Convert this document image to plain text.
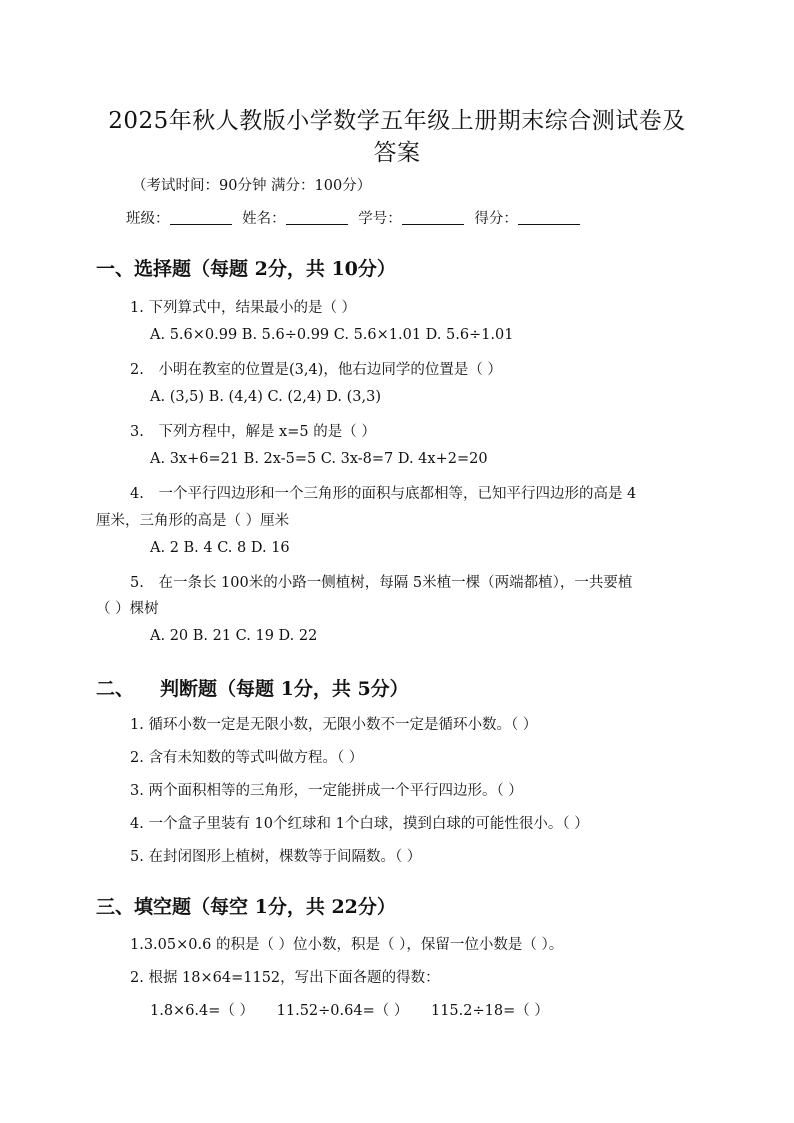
2025年秋人教版小学数学五年级上册期末综合测试卷及
答案
（考试时间：90分钟 满分：100分）
班级：	姓名：	学号：	得分：
一、选择题（每题 2分，共 10分）
1. 下列算式中，结果最小的是（ ）
A. 5.6×0.99 B. 5.6÷0.99 C. 5.6×1.01 D. 5.6÷1.01
2. 小明在教室的位置是(3,4)，他右边同学的位置是（ ）
A. (3,5) B. (4,4) C. (2,4) D. (3,3)
3. 下列方程中，解是 x=5 的是（ ）
A. 3x+6=21 B. 2x-5=5 C. 3x-8=7 D. 4x+2=20
4. 一个平行四边形和一个三角形的面积与底都相等，已知平行四边形的高是 4
厘米，三角形的高是（ ）厘米
A. 2 B. 4 C. 8 D. 16
5. 在一条长 100米的小路一侧植树，每隔 5米植一棵（两端都植），一共要植
（ ）棵树
A. 20 B. 21 C. 19 D. 22
二、 判断题（每题 1分，共 5分）
1. 循环小数一定是无限小数，无限小数不一定是循环小数。（ ）
2. 含有未知数的等式叫做方程。（ ）
3. 两个面积相等的三角形，一定能拼成一个平行四边形。（ ）
4. 一个盒子里装有 10个红球和 1个白球，摸到白球的可能性很小。（ ）
5. 在封闭图形上植树，棵数等于间隔数。（ ）
三、填空题（每空 1分，共 22分）
1.3.05×0.6 的积是（ ）位小数，积是（ ），保留一位小数是（ ）。
2. 根据 18×64=1152，写出下面各题的得数：
1.8×6.4=（ ） 11.52÷0.64=（ ） 115.2÷18=（ ）
